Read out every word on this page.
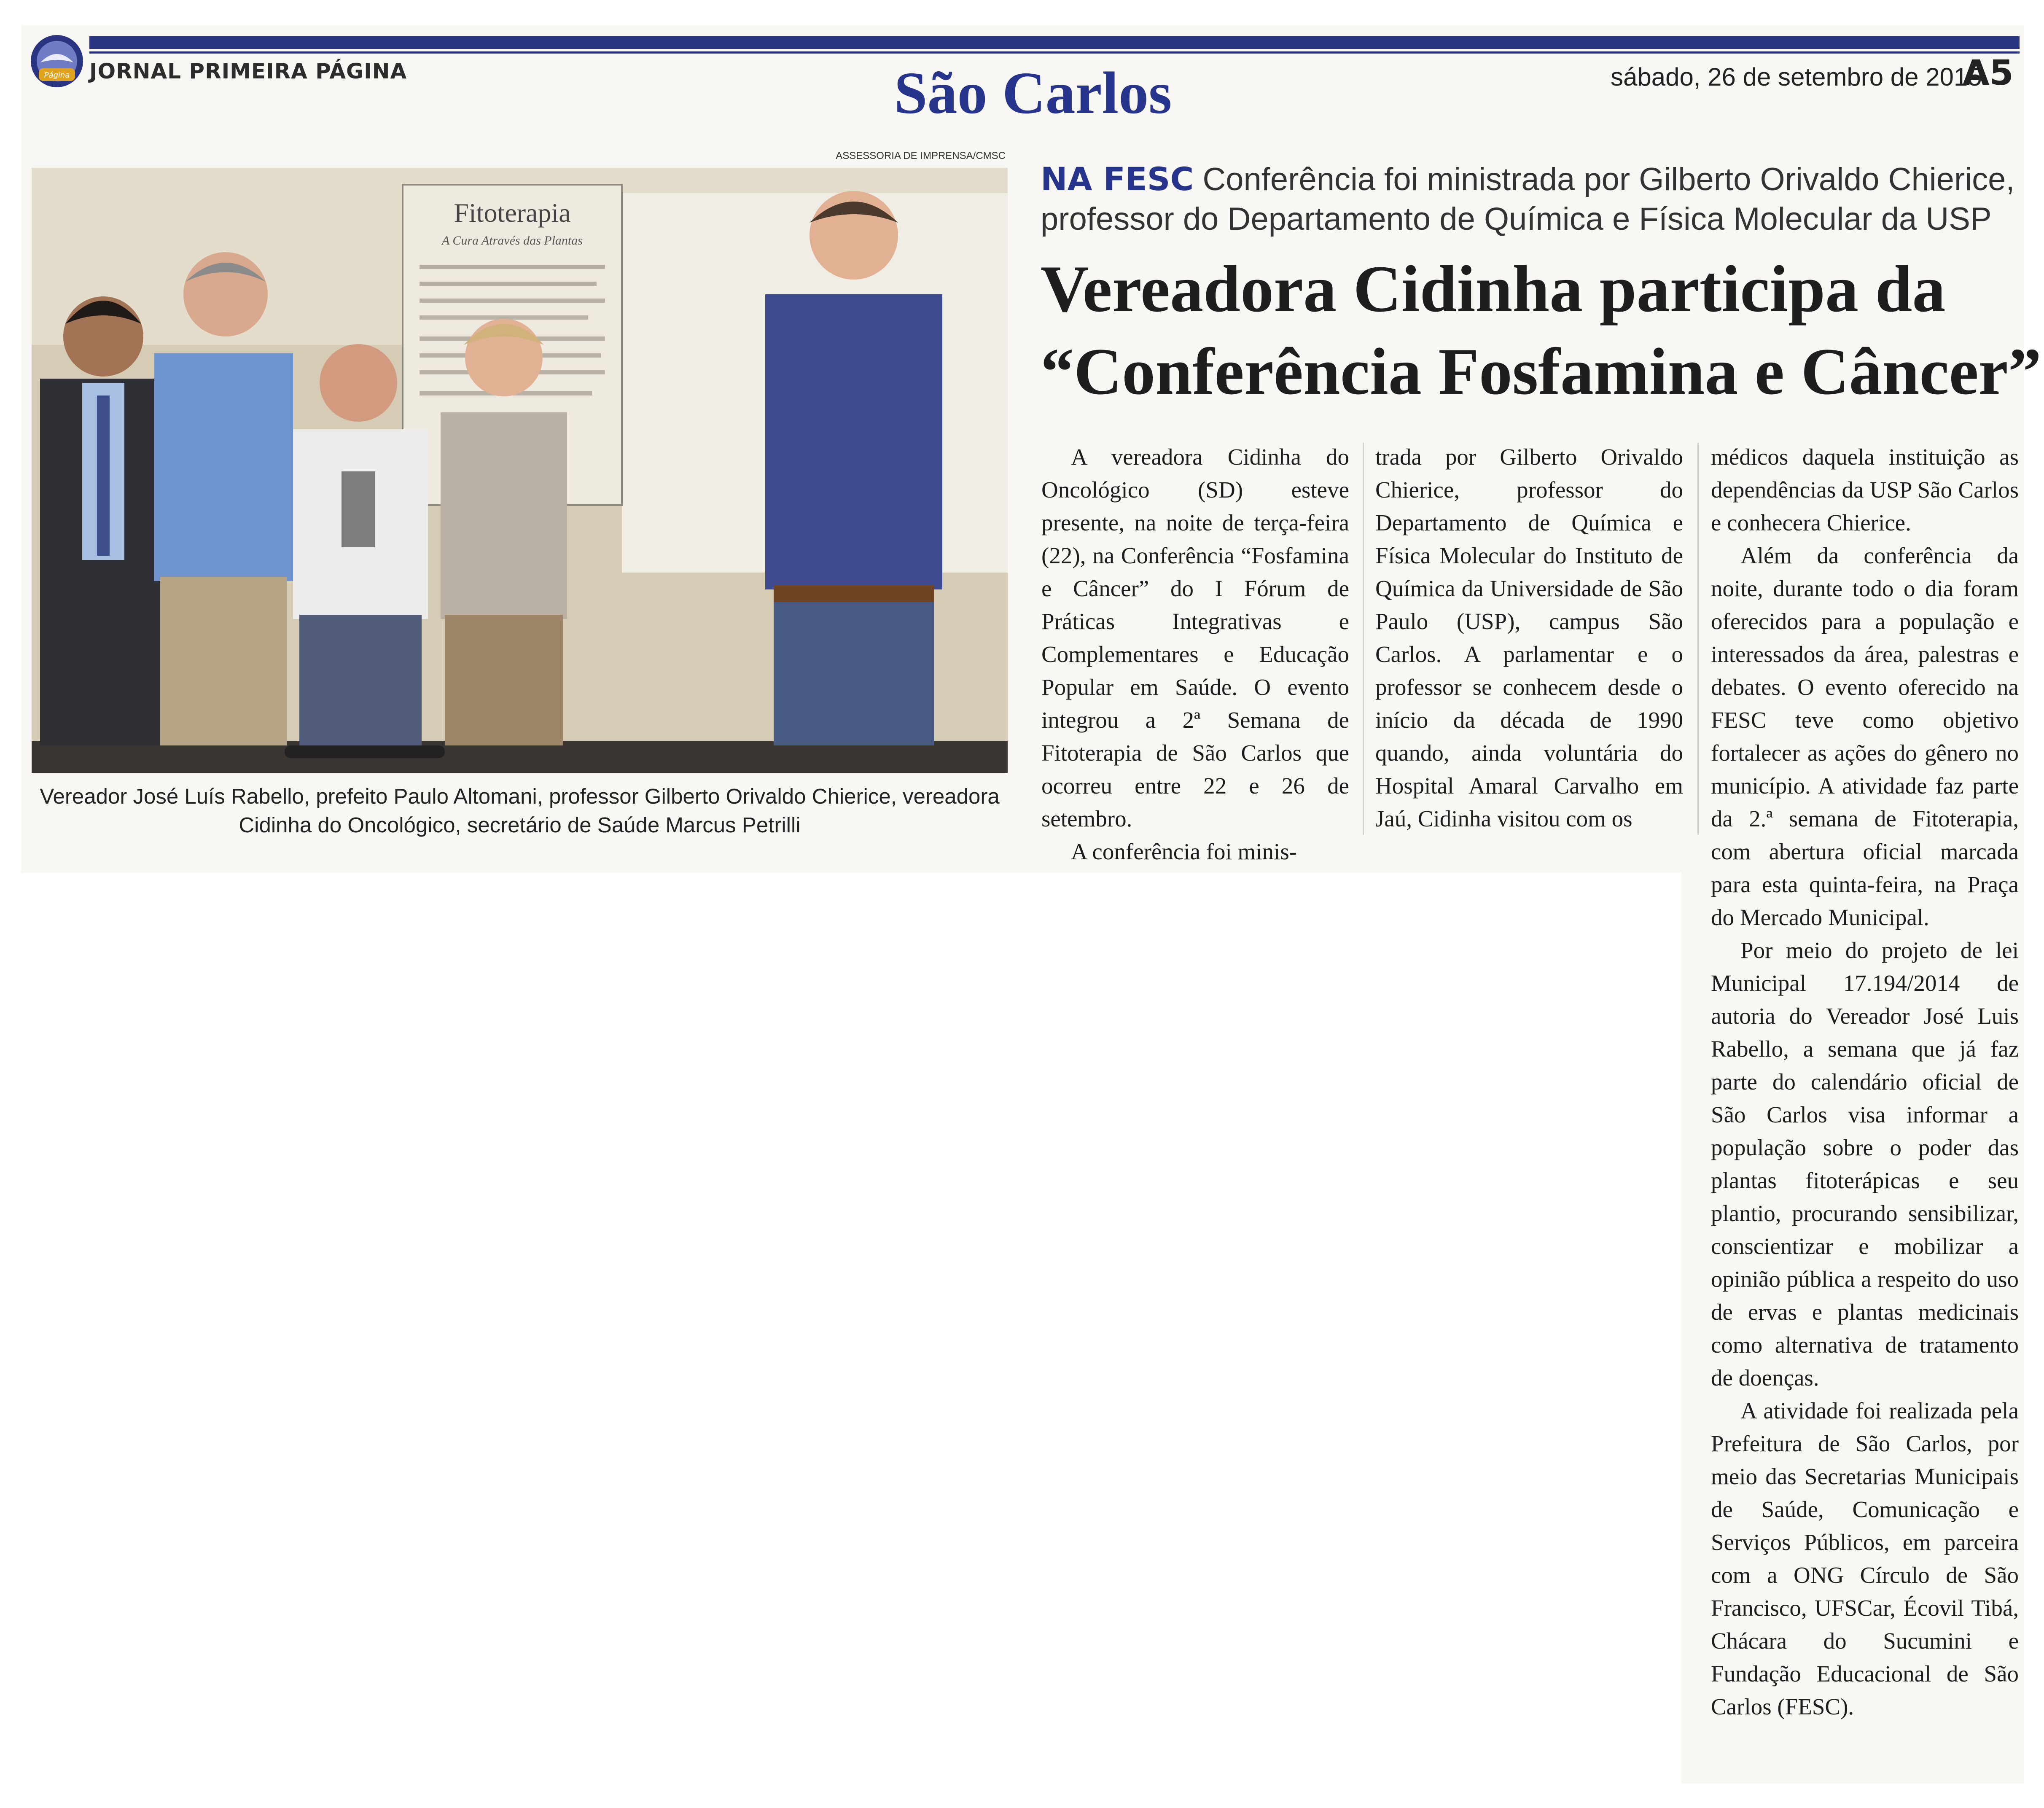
Página JORNAL PRIMEIRA PÁGINA	São Carlos	sábado, 26 de setembro de 2015
A5
ASSESSORIA DE IMPRENSA/CMSC
Fitoterapia
A Cura Através das Plantas
Vereador José Luís Rabello, prefeito Paulo Altomani, professor Gilberto Orivaldo Chierice, vereadora Cidinha do Oncológico, secretário de Saúde Marcus Petrilli
NA FESC Conferência foi ministrada por Gilberto Orivaldo Chierice, professor do Departamento de Química e Física Molecular da USP
Vereadora Cidinha participa da
“Conferência Fosfamina e Câncer”

A vereadora Cidinha do Oncológico (SD) esteve presente, na noite de terça-feira (22), na Conferência “Fosfamina e Câncer” do I Fórum de Práticas Integrativas e Complementares e Educação Popular em Saúde. O evento integrou a 2ª Semana de Fitoterapia de São Carlos que ocorreu entre 22 e 26 de setembro.

A conferência foi minis-

trada por Gilberto Orivaldo Chierice, professor do Departamento de Química e Física Molecular do Instituto de Química da Universidade de São Paulo (USP), campus São Carlos. A parlamentar e o professor se conhecem desde o início da década de 1990 quando, ainda voluntária do Hospital Amaral Carvalho em Jaú, Cidinha visitou com os

médicos daquela instituição as dependências da USP São Carlos e conhecera Chierice.

Além da conferência da noite, durante todo o dia foram oferecidos para a população e interessados da área, palestras e debates. O evento oferecido na FESC teve como objetivo fortalecer as ações do gênero no município. A atividade faz parte da 2.ª semana de Fitoterapia, com abertura oficial marcada para esta quinta-feira, na Praça do Mercado Municipal.

Por meio do projeto de lei Municipal 17.194/2014 de autoria do Vereador José Luis Rabello, a semana que já faz parte do calendário oficial de São Carlos visa informar a população sobre o poder das plantas fitoterápicas e seu plantio, procurando sensibilizar, conscientizar e mobilizar a opinião pública a respeito do uso de ervas e plantas medicinais como alternativa de tratamento de doenças.

A atividade foi realizada pela Prefeitura de São Carlos, por meio das Secretarias Municipais de Saúde, Comunicação e Serviços Públicos, em parceira com a ONG Círculo de São Francisco, UFSCar, Écovil Tibá, Chácara do Sucumini e Fundação Educacional de São Carlos (FESC).
